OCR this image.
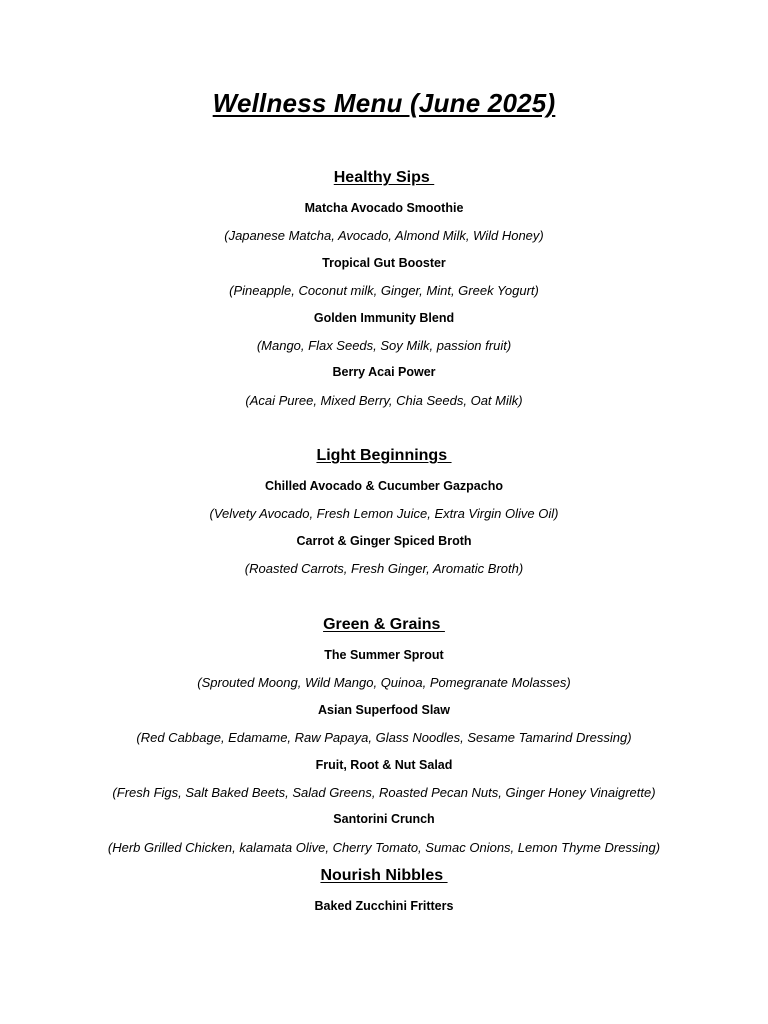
Wellness Menu (June 2025)
Healthy Sips
Matcha Avocado Smoothie
(Japanese Matcha, Avocado, Almond Milk, Wild Honey)
Tropical Gut Booster
(Pineapple, Coconut milk, Ginger, Mint, Greek Yogurt)
Golden Immunity Blend
(Mango, Flax Seeds, Soy Milk, passion fruit)
Berry Acai Power
(Acai Puree, Mixed Berry, Chia Seeds, Oat Milk)
Light Beginnings
Chilled Avocado & Cucumber Gazpacho
(Velvety Avocado, Fresh Lemon Juice, Extra Virgin Olive Oil)
Carrot & Ginger Spiced Broth
(Roasted Carrots, Fresh Ginger, Aromatic Broth)
Green & Grains
The Summer Sprout
(Sprouted Moong, Wild Mango, Quinoa, Pomegranate Molasses)
Asian Superfood Slaw
(Red Cabbage, Edamame, Raw Papaya, Glass Noodles, Sesame Tamarind Dressing)
Fruit, Root & Nut Salad
(Fresh Figs, Salt Baked Beets, Salad Greens, Roasted Pecan Nuts, Ginger Honey Vinaigrette)
Santorini Crunch
(Herb Grilled Chicken, kalamata Olive, Cherry Tomato, Sumac Onions, Lemon Thyme Dressing)
Nourish Nibbles
Baked Zucchini Fritters
